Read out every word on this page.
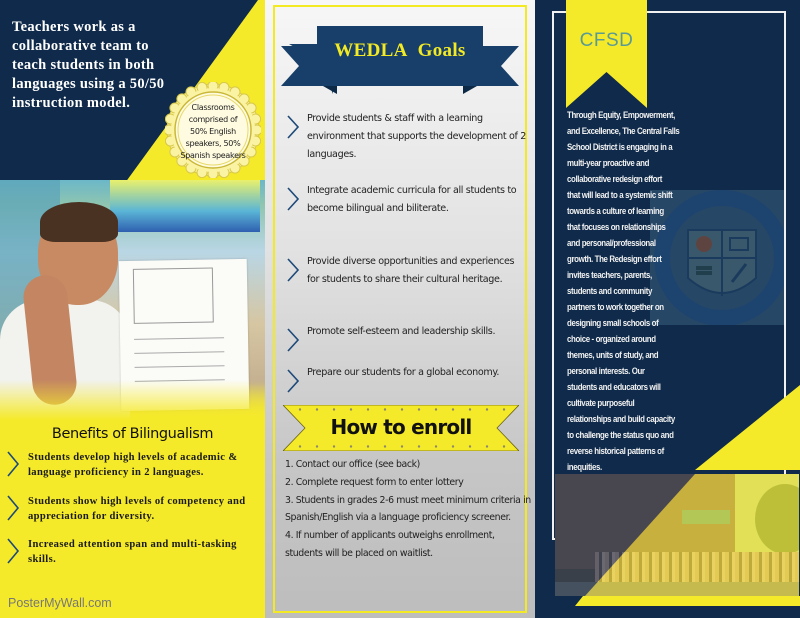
Teachers work as a collaborative team to teach students in both languages using a 50/50 instruction model.	Classrooms
comprised of
50% English
speakers, 50%
Spanish speakers
Benefits of Bilingualism
Students develop high levels of academic & language proficiency in 2 languages.
Students show high levels of competency and appreciation for diversity.
Increased attention span and multi-tasking skills.
PosterMyWall.com
WEDLA Goals
Provide students & staff with a learning environment that supports the development of 2 languages.
Integrate academic curricula for all students to become bilingual and biliterate.
Provide diverse opportunities and experiences for students to share their cultural heritage.
Promote self-esteem and leadership skills.
Prepare our students for a global economy.
How to enroll
1. Contact our office (see back)
2. Complete request form to enter lottery
3. Students in grades 2-6 must meet minimum criteria in Spanish/English via a language proficiency screener.
4. If number of applicants outweighs enrollment, students will be placed on waitlist.
CFSD
Through Equity, Empowerment,
and Excellence, The Central Falls
School District is engaging in a
multi-year proactive and
collaborative redesign effort
that will lead to a systemic shift
towards a culture of learning
that focuses on relationships
and personal/professional
growth. The Redesign effort
invites teachers, parents,
students and community
partners to work together on
designing small schools of
choice - organized around
themes, units of study, and
personal interests. Our
students and educators will
cultivate purposeful
relationships and build capacity
to challenge the status quo and
reverse historical patterns of
inequities.
